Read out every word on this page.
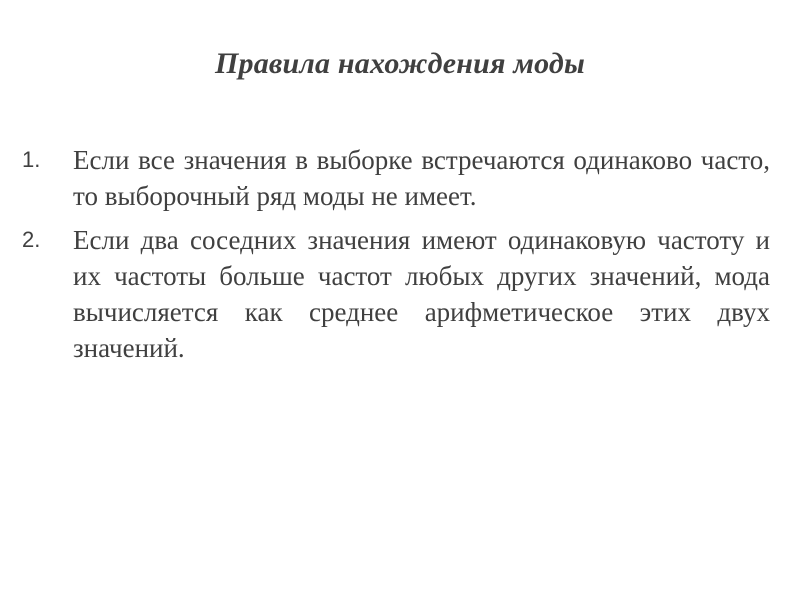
Правила нахождения моды
1.	Если все значения в выборке встречаются одинаково часто, то выборочный ряд моды не имеет.
2.	Если два соседних значения имеют одинаковую частоту и их частоты больше частот любых других значений, мода вычисляется как среднее арифметическое этих двух значений.
